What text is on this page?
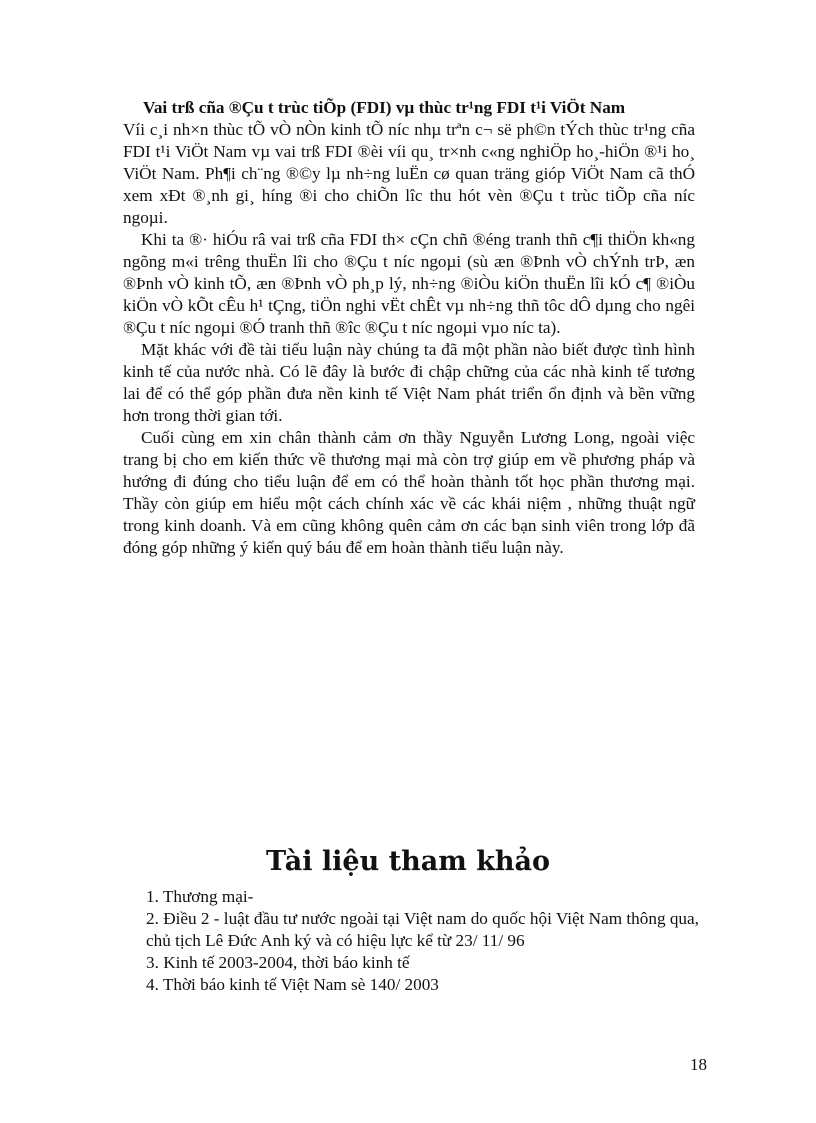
Vai trß cña ®Çu t trùc tiÕp (FDI) vµ thùc tr¹ng FDI t¹i ViÖt Nam

Víi c¸i nh×n thùc tÕ vÒ nÒn kinh tÕ níc nhµ trªn c¬ së ph©n tÝch thùc tr¹ng cña FDI t¹i ViÖt Nam vµ vai trß FDI ®èi víi qu¸ tr×nh c«ng nghiÖp ho¸-hiÖn ®¹i ho¸ ViÖt Nam. Ph¶i ch¨ng ®©y lµ nh÷ng luËn cø quan träng gióp ViÖt Nam cã thÓ xem xÐt ®¸nh gi¸ híng ®i cho chiÕn lîc thu hót vèn ®Çu t trùc tiÕp cña níc ngoµi.

Khi ta ®· hiÓu râ vai trß cña FDI th× cÇn chñ ®éng tranh thñ c¶i thiÖn kh«ng ngõng m«i trêng thuËn lîi cho ®Çu t níc ngoµi (sù æn ®Þnh vÒ chÝnh trÞ, æn ®Þnh vÒ kinh tÕ, æn ®Þnh vÒ ph¸p lý, nh÷ng ®iÒu kiÖn thuËn lîi kÓ c¶ ®iÒu kiÖn vÒ kÕt cÊu h¹ tÇng, tiÖn nghi vËt chÊt vµ nh÷ng thñ tôc dÔ dµng cho ngêi ®Çu t níc ngoµi ®Ó tranh thñ ®îc ®Çu t níc ngoµi vµo níc ta).

Mặt khác với đề tài tiểu luận này chúng ta đã một phần nào biết được tình hình kinh tế của nước nhà. Có lẽ đây là bước đi chập chững của các nhà kinh tế tương lai để có thể góp phần đưa nền kinh tế Việt Nam phát triển ổn định và bền vững hơn trong thời gian tới.

Cuối cùng em xin chân thành cảm ơn thầy Nguyễn Lương Long, ngoài việc trang bị cho em kiến thức về thương mại mà còn trợ giúp em về phương pháp và hướng đi đúng cho tiểu luận để em có thể hoàn thành tốt học phần thương mại. Thầy còn giúp em hiểu một cách chính xác về các khái niệm , những thuật ngữ trong kinh doanh. Và em cũng không quên cảm ơn các bạn sinh viên trong lớp đã đóng góp những ý kiến quý báu để em hoàn thành tiểu luận này.

Tài liệu tham khảo

1. Thương mại-

2. Điều 2 - luật đầu tư nước ngoài tại Việt nam do quốc hội Việt Nam thông qua, chủ tịch Lê Đức Anh ký và có hiệu lực kể từ 23/ 11/ 96

3. Kinh tế 2003-2004, thời báo kinh tế

4. Thời báo kinh tế Việt Nam sè 140/ 2003

18
